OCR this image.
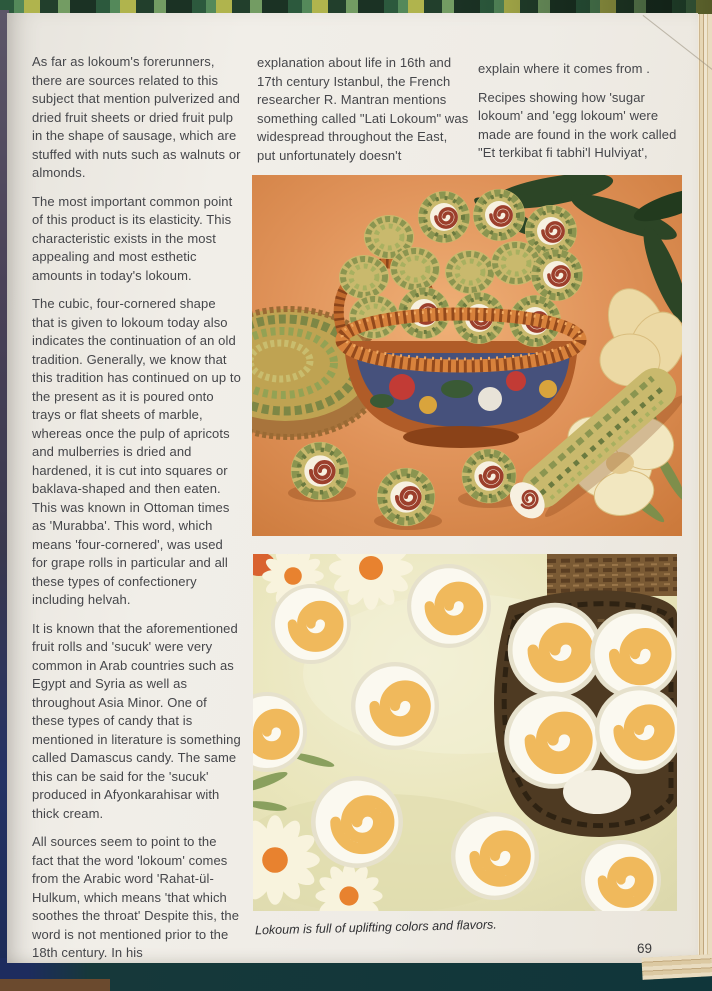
As far as lokoum's forerunners, there are sources related to this subject that mention pulverized and dried fruit sheets or dried fruit pulp in the shape of sausage, which are stuffed with nuts such as walnuts or almonds.

The most important common point of this product is its elasticity. This characteristic exists in the most appealing and most esthetic amounts in today's lokoum.

The cubic, four-cornered shape that is given to lokoum today also indicates the continuation of an old tradition. Generally, we know that this tradition has continued on up to the present as it is poured onto trays or flat sheets of marble, whereas once the pulp of apricots and mulberries is dried and hardened, it is cut into squares or baklava-shaped and then eaten. This was known in Ottoman times as 'Murabba'. This word, which means 'four-cornered', was used for grape rolls in particular and all these types of confectionery including helvah.

It is known that the aforementioned fruit rolls and 'sucuk' were very common in Arab countries such as Egypt and Syria as well as throughout Asia Minor. One of these types of candy that is mentioned in literature is something called Damascus candy. The same this can be said for the 'sucuk' produced in Afyonkarahisar with thick cream.

All sources seem to point to the fact that the word 'lokoum' comes from the Arabic word 'Rahat-ül-Hulkum, which means 'that which soothes the throat' Despite this, the word is not mentioned prior to the 18th century. In his

explanation about life in 16th and 17th century Istanbul, the French researcher R. Mantran mentions something called "Lati Lokoum" was widespread throughout the East, put unfortunately doesn't

explain where it comes from .

Recipes showing how 'sugar lokoum' and 'egg lokoum' were made are found in the work called "Et terkibat fi tabhi'l Hulviyat',

Lokoum is full of uplifting colors and flavors.
69
